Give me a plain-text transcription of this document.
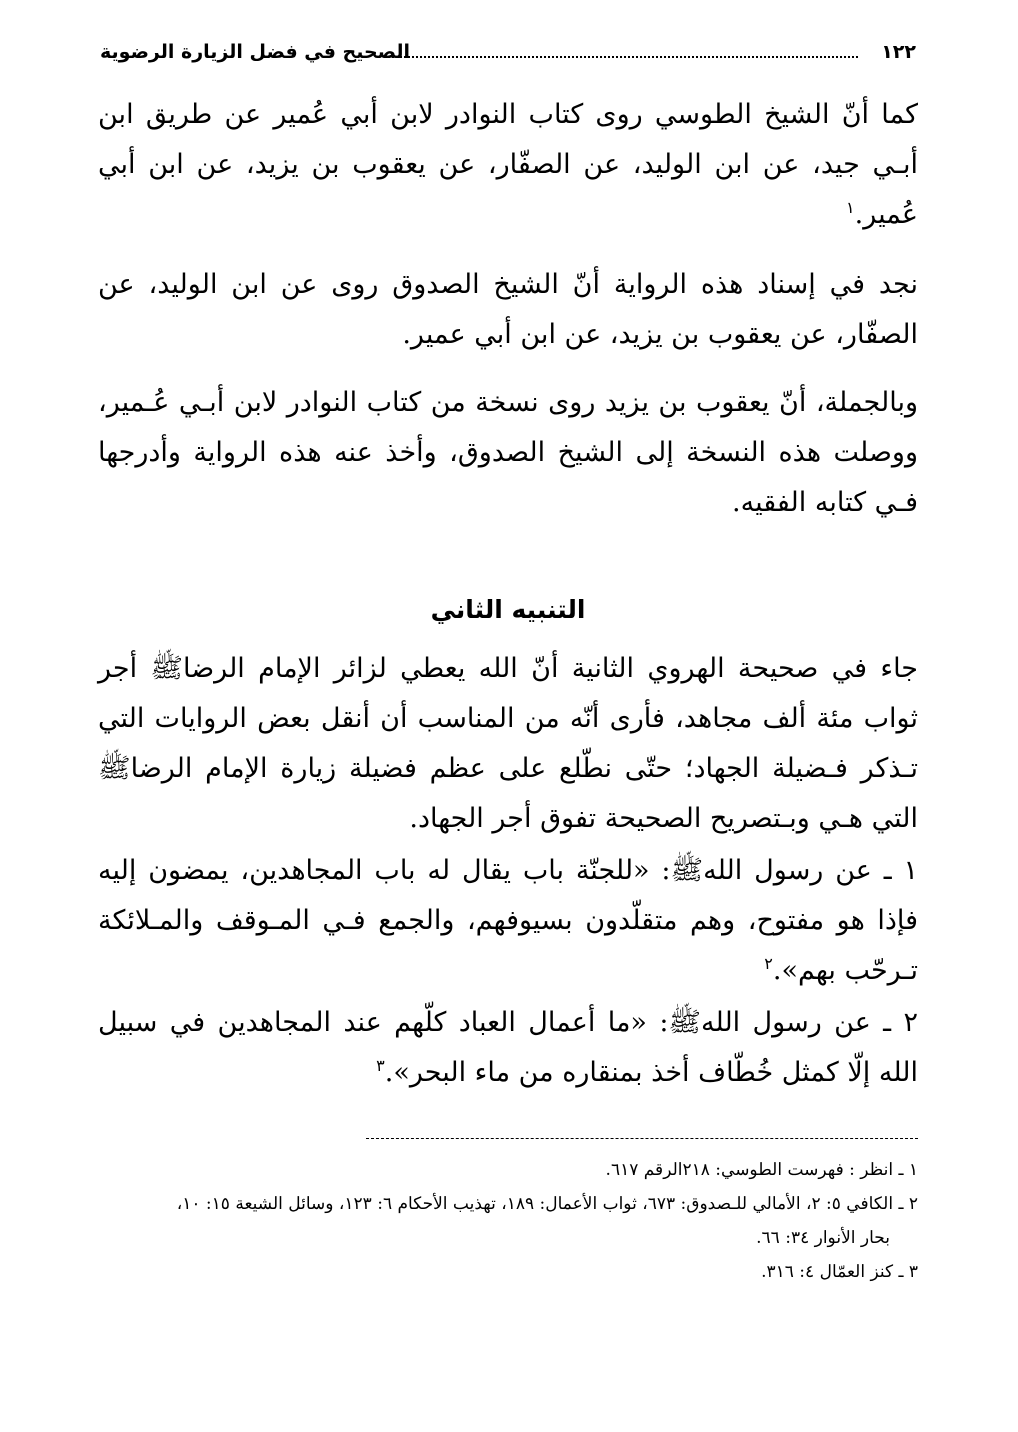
١٢٢
الصحيح في فضل الزيارة الرضوية

كما أنّ الشيخ الطوسي روى كتاب النوادر لابن أبي عُمير عن طريق ابن أبـي جيد، عن ابن الوليد، عن الصفّار، عن يعقوب بن يزيد، عن ابن أبي عُمير.$^١$

نجد في إسناد هذه الرواية أنّ الشيخ الصدوق روى عن ابن الوليد، عن الصفّار، عن يعقوب بن يزيد، عن ابن أبي عمير.

وبالجملة، أنّ يعقوب بن يزيد روى نسخة من كتاب النوادر لابن أبـي عُـمير، ووصلت هذه النسخة إلى الشيخ الصدوق، وأخذ عنه هذه الرواية وأدرجها فـي كتابه الفقيه.

التنبيه الثاني

جاء في صحيحة الهروي الثانية أنّ الله يعطي لزائر الإمام الرضاﷺ أجر ثواب مئة ألف مجاهد، فأرى أنّه من المناسب أن أنقل بعض الروايات التي تـذكر فـضيلة الجهاد؛ حتّى نطّلع على عظم فضيلة زيارة الإمام الرضاﷺ التي هـي وبـتصريح الصحيحة تفوق أجر الجهاد.

١ ـ عن رسول اللهﷺ: «للجنّة باب يقال له باب المجاهدين، يمضون إليه فإذا هو مفتوح، وهم متقلّدون بسيوفهم، والجمع فـي المـوقف والمـلائكة تـرحّب بهم».$^٢$

٢ ـ عن رسول اللهﷺ: «ما أعمال العباد كلّهم عند المجاهدين في سبيل الله إلّا كمثل خُطّاف أخذ بمنقاره من ماء البحر».$^٣$

١ ـ انظر : فهرست الطوسي: ٢١٨الرقم ٦١٧.

٢ ـ الكافي ٥: ٢، الأمالي للـصدوق: ٦٧٣، ثواب الأعمال: ١٨٩، تهذيب الأحكام ٦: ١٢٣، وسائل الشيعة ١٥: ١٠،

بحار الأنوار ٣٤: ٦٦.

٣ ـ كنز العمّال ٤: ٣١٦.
